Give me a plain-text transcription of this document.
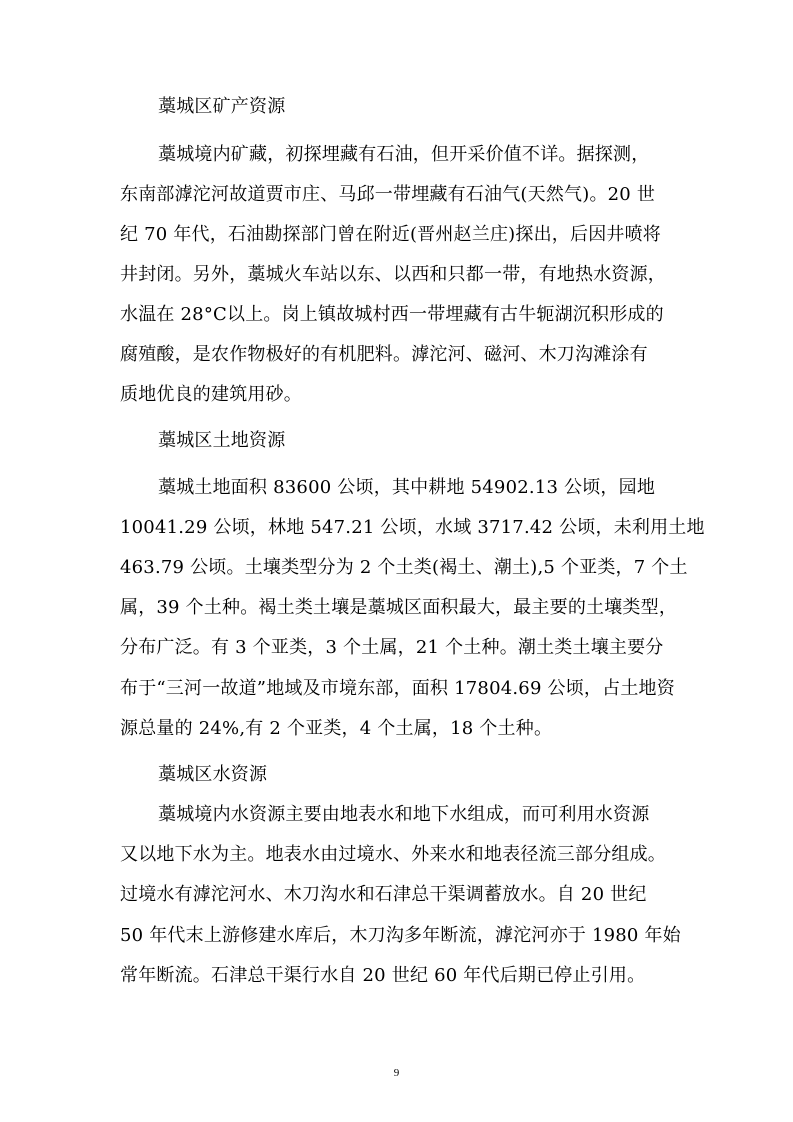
藁城区矿产资源
藁城境内矿藏，初探埋藏有石油，但开采价值不详。据探测，
东南部滹沱河故道贾市庄、马邱一带埋藏有石油气(天然气)。20 世
纪 70 年代，石油勘探部门曾在附近(晋州赵兰庄)探出，后因井喷将
井封闭。另外，藁城火车站以东、以西和只都一带，有地热水资源，
水温在 28°C以上。岗上镇故城村西一带埋藏有古牛轭湖沉积形成的
腐殖酸，是农作物极好的有机肥料。滹沱河、磁河、木刀沟滩涂有
质地优良的建筑用砂。
藁城区土地资源
藁城土地面积 83600 公顷，其中耕地 54902.13 公顷，园地
10041.29 公顷，林地 547.21 公顷，水域 3717.42 公顷，未利用土地
463.79 公顷。土壤类型分为 2 个土类(褐土、潮土),5 个亚类，7 个土
属，39 个土种。褐土类土壤是藁城区面积最大，最主要的土壤类型，
分布广泛。有 3 个亚类，3 个土属，21 个土种。潮土类土壤主要分
布于“三河一故道”地域及市境东部，面积 17804.69 公顷，占土地资
源总量的 24%,有 2 个亚类，4 个土属，18 个土种。
藁城区水资源
藁城境内水资源主要由地表水和地下水组成，而可利用水资源
又以地下水为主。地表水由过境水、外来水和地表径流三部分组成。
过境水有滹沱河水、木刀沟水和石津总干渠调蓄放水。自 20 世纪
50 年代末上游修建水库后，木刀沟多年断流，滹沱河亦于 1980 年始
常年断流。石津总干渠行水自 20 世纪 60 年代后期已停止引用。
9
